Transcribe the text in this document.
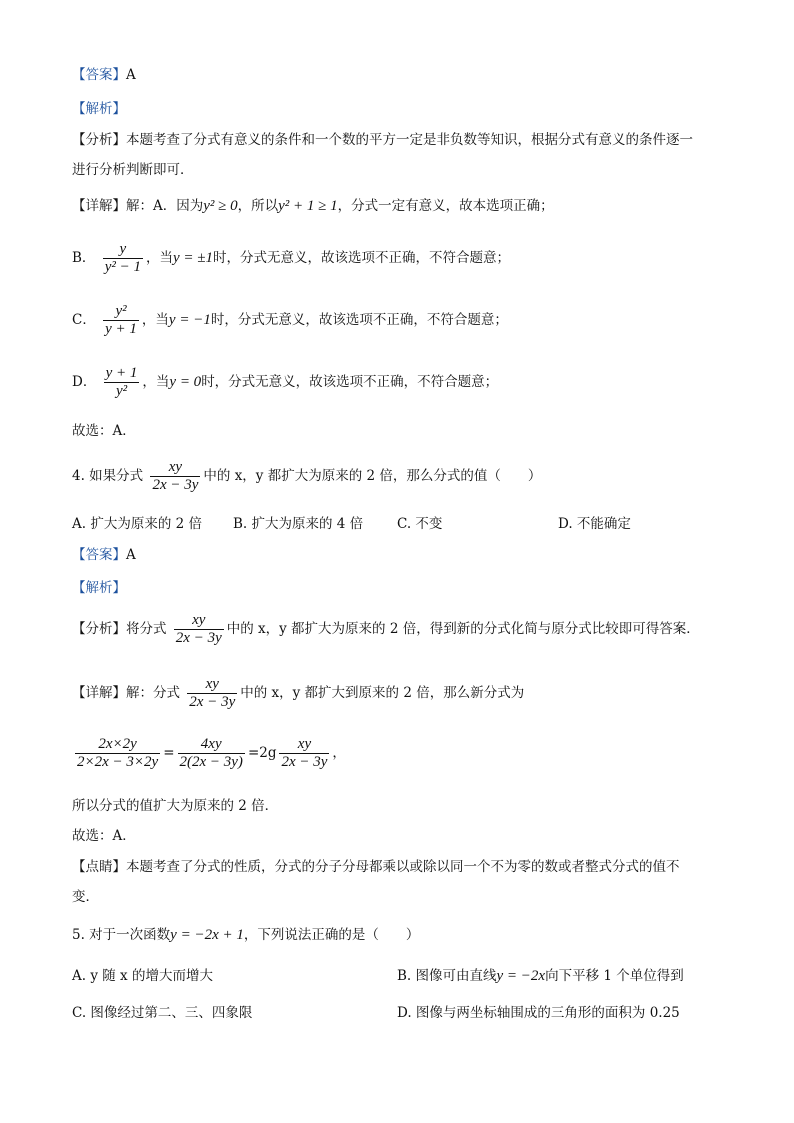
【答案】A
【解析】
【分析】本题考查了分式有意义的条件和一个数的平方一定是非负数等知识，根据分式有意义的条件逐一
进行分析判断即可．
【详解】解：A．因为y² ≥ 0，所以y² + 1 ≥ 1，分式一定有意义，故本选项正确；
B． $\frac{y}{\text{y² − 1}}$ ，当y = ±1时，分式无意义，故该选项不正确，不符合题意；
C． $\frac{\text{y²}}{y + 1}$ ，当y = −1时，分式无意义，故该选项不正确，不符合题意；
D． $\frac{y + 1}{\text{y²}}$ ，当y = 0时，分式无意义，故该选项不正确，不符合题意；
故选：A．
4. 如果分式 $\frac{xy}{2x - 3y}$ 中的 x，y 都扩大为原来的 2 倍，那么分式的值（　　）
A. 扩大为原来的 2 倍 B. 扩大为原来的 4 倍	C. 不变	D. 不能确定
【答案】A
【解析】
【分析】将分式 $\frac{xy}{2x - 3y}$ 中的 x，y 都扩大为原来的 2 倍，得到新的分式化简与原分式比较即可得答案．
【详解】解：分式 $\frac{xy}{2x - 3y}$ 中的 x，y 都扩大到原来的 2 倍，那么新分式为
$\frac{2x\times 2y}{2\times 2x - 3\times 2y} = \frac{4xy}{2(2x - 3y)} =2g \frac{xy}{2x - 3y}$ ，
所以分式的值扩大为原来的 2 倍．
故选：A．
【点睛】本题考查了分式的性质，分式的分子分母都乘以或除以同一个不为零的数或者整式分式的值不
变．
5. 对于一次函数y = −2x + 1，下列说法正确的是（　　）
A. y 随 x 的增大而增大	B. 图像可由直线y = −2x向下平移 1 个单位得到
C. 图像经过第二、三、四象限	D. 图像与两坐标轴围成的三角形的面积为 0.25
